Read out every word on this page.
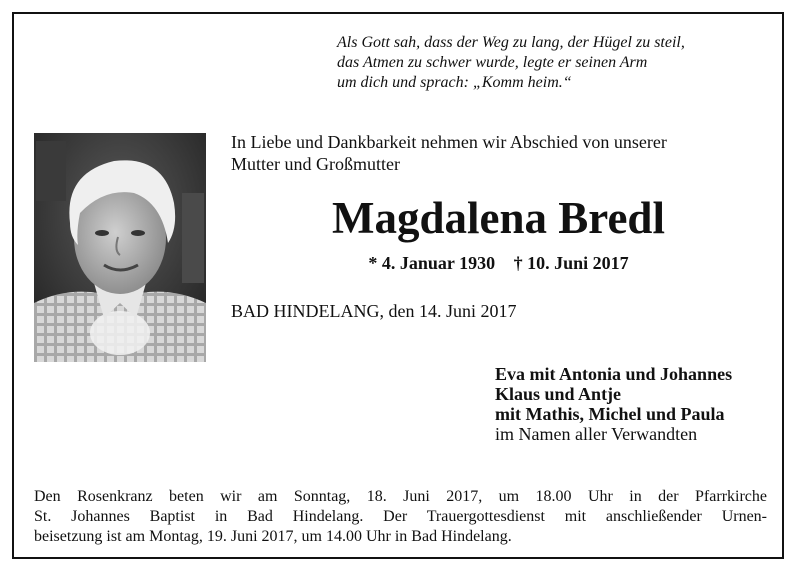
Als Gott sah, dass der Weg zu lang, der Hügel zu steil,
das Atmen zu schwer wurde, legte er seinen Arm
um dich und sprach: „Komm heim.“
In Liebe und Dankbarkeit nehmen wir Abschied von unserer
Mutter und Großmutter
Magdalena Bredl
* 4. Januar 1930 † 10. Juni 2017
BAD HINDELANG, den 14. Juni 2017
Eva mit Antonia und Johannes
Klaus und Antje
mit Mathis, Michel und Paula
im Namen aller Verwandten
Den Rosenkranz beten wir am Sonntag, 18. Juni 2017, um 18.00 Uhr in der Pfarrkirche
St. Johannes Baptist in Bad Hindelang. Der Trauergottesdienst mit anschließender Urnen-
beisetzung ist am Montag, 19. Juni 2017, um 14.00 Uhr in Bad Hindelang.
